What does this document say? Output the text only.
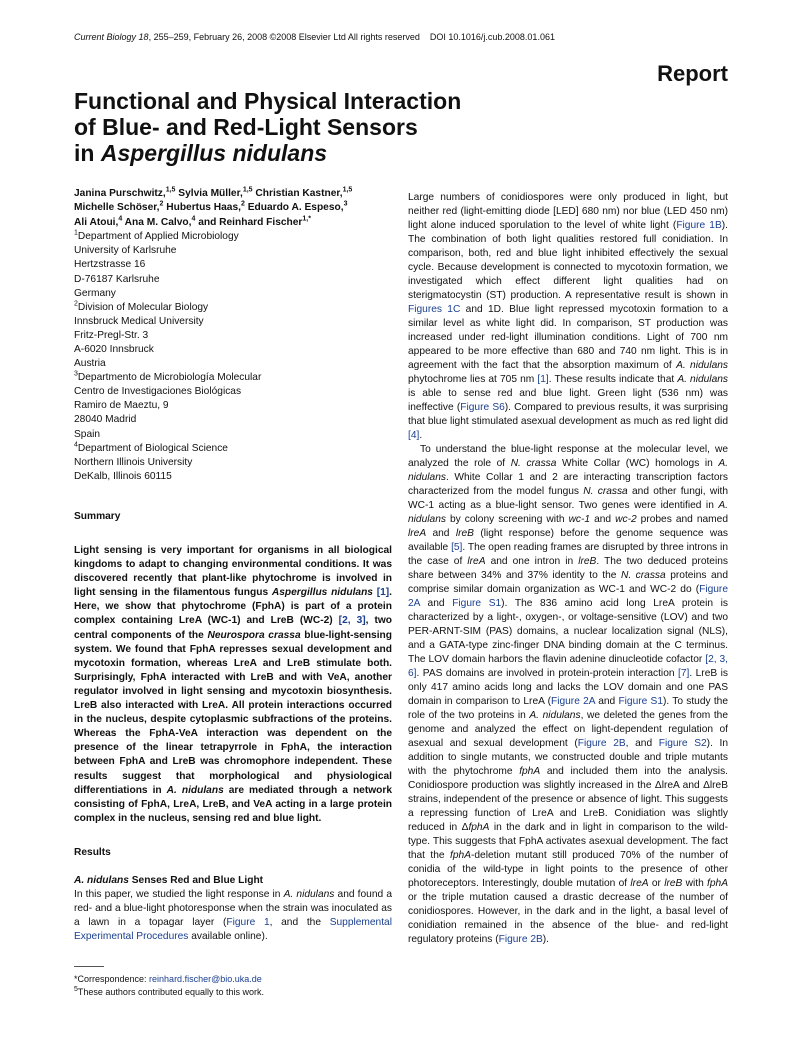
Current Biology 18, 255–259, February 26, 2008 ©2008 Elsevier Ltd All rights reserved DOI 10.1016/j.cub.2008.01.061
Report
Functional and Physical Interaction
of Blue- and Red-Light Sensors
in Aspergillus nidulans
Janina Purschwitz,$^{1,5}$ Sylvia Müller,$^{1,5}$ Christian Kastner,$^{1,5}$
Michelle Schöser,$^2$ Hubertus Haas,$^2$ Eduardo A. Espeso,$^3$
Ali Atoui,$^4$ Ana M. Calvo,$^4$ and Reinhard Fischer$^{1,*}$
$^1$Department of Applied Microbiology
University of Karlsruhe
Hertzstrasse 16
D-76187 Karlsruhe
Germany
$^2$Division of Molecular Biology
Innsbruck Medical University
Fritz-Pregl-Str. 3
A-6020 Innsbruck
Austria
$^3$Departmento de Microbiología Molecular
Centro de Investigaciones Biológicas
Ramiro de Maeztu, 9
28040 Madrid
Spain
$^4$Department of Biological Science
Northern Illinois University
DeKalb, Illinois 60115
Summary

Light sensing is very important for organisms in all biological kingdoms to adapt to changing environmental conditions. It was discovered recently that plant-like phytochrome is involved in light sensing in the filamentous fungus Aspergillus nidulans [1]. Here, we show that phytochrome (FphA) is part of a protein complex containing LreA (WC-1) and LreB (WC-2) [2, 3], two central components of the Neurospora crassa blue-light-sensing system. We found that FphA represses sexual development and mycotoxin formation, whereas LreA and LreB stimulate both. Surprisingly, FphA interacted with LreB and with VeA, another regulator involved in light sensing and mycotoxin biosynthesis. LreB also interacted with LreA. All protein interactions occurred in the nucleus, despite cytoplasmic subfractions of the proteins. Whereas the FphA-VeA interaction was dependent on the presence of the linear tetrapyrrole in FphA, the interaction between FphA and LreB was chromophore independent. These results suggest that morphological and physiological differentiations in A. nidulans are mediated through a network consisting of FphA, LreA, LreB, and VeA acting in a large protein complex in the nucleus, sensing red and blue light.

Results
A. nidulans Senses Red and Blue Light

In this paper, we studied the light response in A. nidulans and found a red- and a blue-light photoresponse when the strain was inoculated as a lawn in a topagar layer (Figure 1, and the Supplemental Experimental Procedures available online).

*Correspondence: reinhard.fischer@bio.uka.de
$^5$These authors contributed equally to this work.

Large numbers of conidiospores were only produced in light, but neither red (light-emitting diode [LED] 680 nm) nor blue (LED 450 nm) light alone induced sporulation to the level of white light (Figure 1B). The combination of both light qualities restored full conidiation. In comparison, both, red and blue light inhibited effectively the sexual cycle. Because development is connected to mycotoxin formation, we investigated which effect different light qualities had on sterigmatocystin (ST) production. A representative result is shown in Figures 1C and 1D. Blue light repressed mycotoxin formation to a similar level as white light did. In comparison, ST production was increased under red-light illumination conditions. Light of 700 nm appeared to be more effective than 680 and 740 nm light. This is in agreement with the fact that the absorption maximum of A. nidulans phytochrome lies at 705 nm [1]. These results indicate that A. nidulans is able to sense red and blue light. Green light (536 nm) was ineffective (Figure S6). Compared to previous results, it was surprising that blue light stimulated asexual development as much as red light did [4].

To understand the blue-light response at the molecular level, we analyzed the role of N. crassa White Collar (WC) homologs in A. nidulans. White Collar 1 and 2 are interacting transcription factors characterized from the model fungus N. crassa and other fungi, with WC-1 acting as a blue-light sensor. Two genes were identified in A. nidulans by colony screening with wc-1 and wc-2 probes and named lreA and lreB (light response) before the genome sequence was available [5]. The open reading frames are disrupted by three introns in the case of lreA and one intron in lreB. The two deduced proteins share between 34% and 37% identity to the N. crassa proteins and comprise similar domain organization as WC-1 and WC-2 do (Figure 2A and Figure S1). The 836 amino acid long LreA protein is characterized by a light-, oxygen-, or voltage-sensitive (LOV) and two PER-ARNT-SIM (PAS) domains, a nuclear localization signal (NLS), and a GATA-type zinc-finger DNA binding domain at the C terminus. The LOV domain harbors the flavin adenine dinucleotide cofactor [2, 3, 6]. PAS domains are involved in protein-protein interaction [7]. LreB is only 417 amino acids long and lacks the LOV domain and one PAS domain in comparison to LreA (Figure 2A and Figure S1). To study the role of the two proteins in A. nidulans, we deleted the genes from the genome and analyzed the effect on light-dependent regulation of asexual and sexual development (Figure 2B, and Figure S2). In addition to single mutants, we constructed double and triple mutants with the phytochrome fphA and included them into the analysis. Conidiospore production was slightly increased in the ΔlreA and ΔlreB strains, independent of the presence or absence of light. This suggests a repressing function of LreA and LreB. Conidiation was slightly reduced in ΔfphA in the dark and in light in comparison to the wild-type. This suggests that FphA activates asexual development. The fact that the fphA-deletion mutant still produced 70% of the number of conidia of the wild-type in light points to the presence of other photoreceptors. Interestingly, double mutation of lreA or lreB with fphA or the triple mutation caused a drastic decrease of the number of conidiospores. However, in the dark and in the light, a basal level of conidiation remained in the absence of the blue- and red-light regulatory proteins (Figure 2B).
